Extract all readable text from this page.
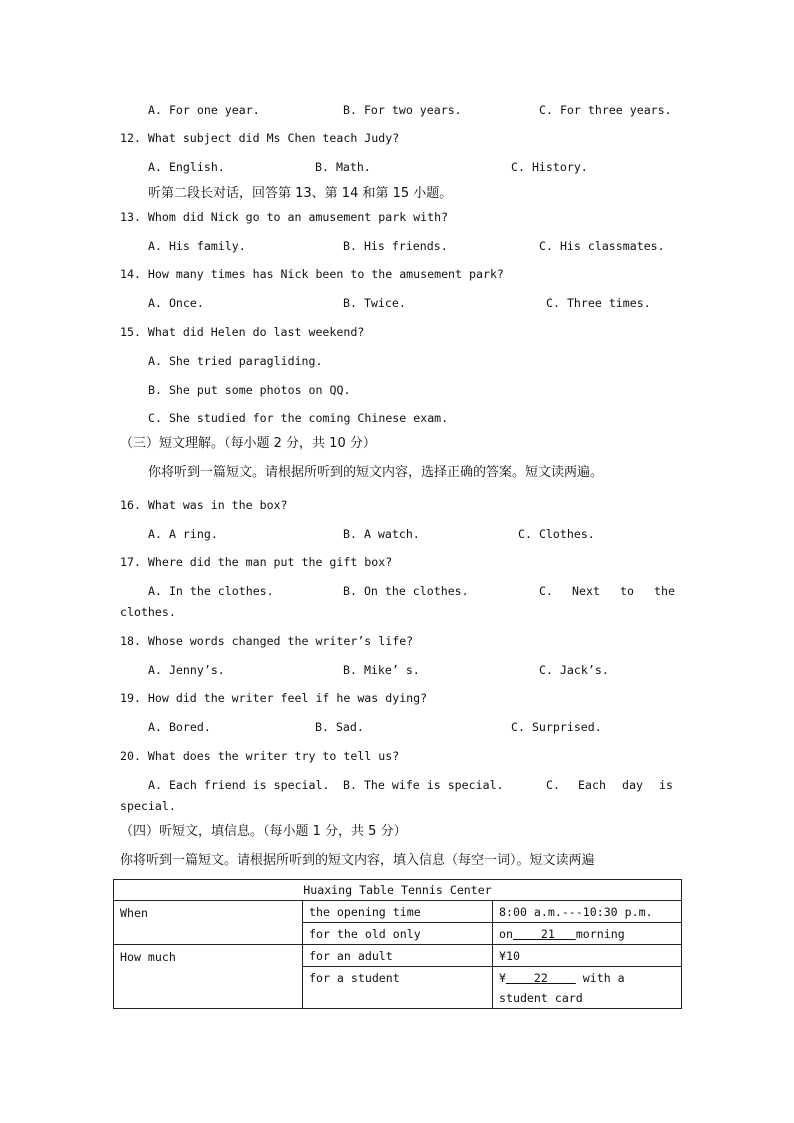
A. For one year.	B. For two years.	C. For three years.
12. What subject did Ms Chen teach Judy?
A. English.	B. Math.	C. History.
听第二段长对话，回答第 13、第 14 和第 15 小题。
13. Whom did Nick go to an amusement park with?
A. His family.	B. His friends.	C. His classmates.
14. How many times has Nick been to the amusement park?
A. Once.	B. Twice.	C. Three times.
15. What did Helen do last weekend?
A. She tried paragliding.
B. She put some photos on QQ.
C. She studied for the coming Chinese exam.
（三）短文理解。（每小题 2 分，共 10 分）
你将听到一篇短文。请根据所听到的短文内容，选择正确的答案。短文读两遍。
16. What was in the box?
A. A ring.	B. A watch.	C. Clothes.
17. Where did the man put the gift box?
A. In the clothes.	B. On the clothes.	C. Next to the
clothes.
18. Whose words changed the writer’s life?
A. Jenny’s.	B. Mike’ s.	C. Jack’s.
19. How did the writer feel if he was dying?
A. Bored.	B. Sad.	C. Surprised.
20. What does the writer try to tell us?
A. Each friend is special. B. The wife is special.	C. Each day is
special.
（四）听短文，填信息。（每小题 1 分，共 5 分）
你将听到一篇短文。请根据所听到的短文内容，填入信息（每空一词）。短文读两遍
Huaxing Table Tennis Center		
When	the opening time	8:00 a.m.---10:30 p.m.
	for the old only	on 21 morning
How much	for an adult	¥10
	for a student	¥ 22 with a student card
